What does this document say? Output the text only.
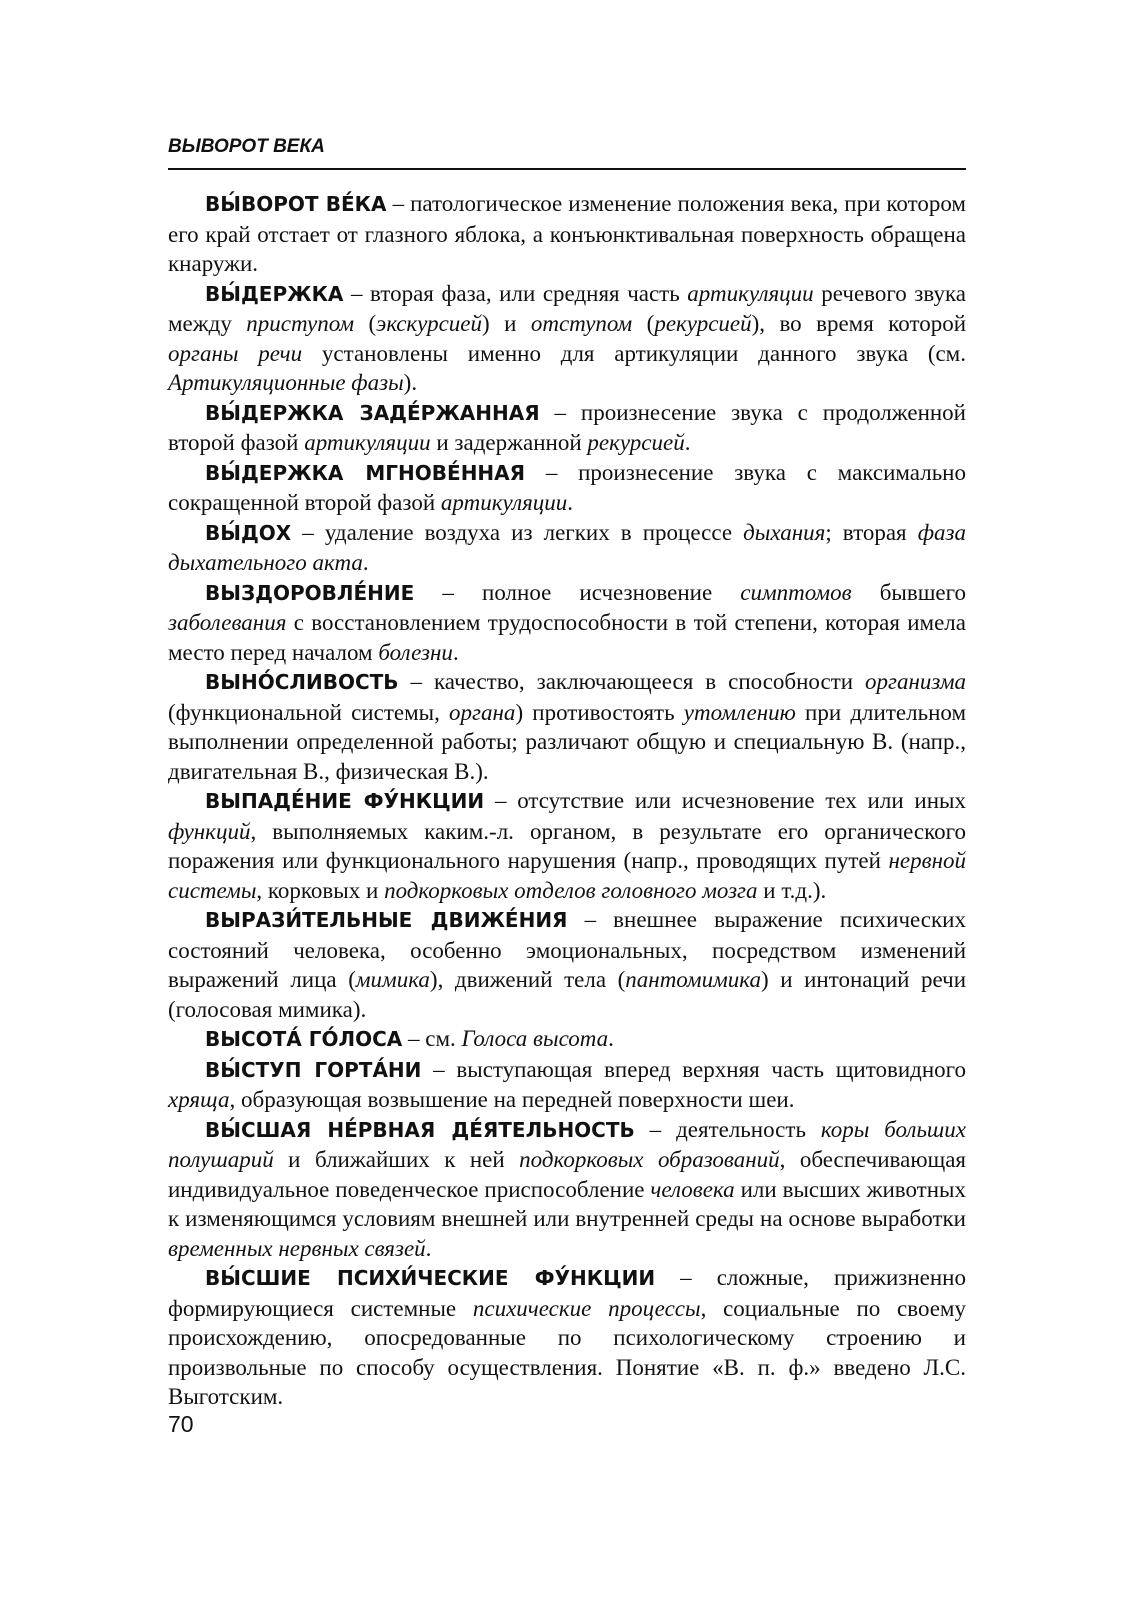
ВЫВОРОТ ВЕКА

ВЫ́ВОРОТ ВЕ́КА – патологическое изменение положения века, при котором его край отстает от глазного яблока, а конъюнктивальная поверхность обращена кнаружи.

ВЫ́ДЕРЖКА – вторая фаза, или средняя часть артикуляции речевого звука между приступом (экскурсией) и отступом (рекурсией), во время которой органы речи установлены именно для артикуляции данного звука (см. Артикуляционные фазы).

ВЫ́ДЕРЖКА ЗАДЕ́РЖАННАЯ – произнесение звука с продолженной второй фазой артикуляции и задержанной рекурсией.

ВЫ́ДЕРЖКА МГНОВЕ́ННАЯ – произнесение звука с максимально сокращенной второй фазой артикуляции.

ВЫ́ДОХ – удаление воздуха из легких в процессе дыхания; вторая фаза дыхательного акта.

ВЫЗДОРОВЛЕ́НИЕ – полное исчезновение симптомов бывшего заболевания с восстановлением трудоспособности в той степени, которая имела место перед началом болезни.

ВЫНО́СЛИВОСТЬ – качество, заключающееся в способности организма (функциональной системы, органа) противостоять утомлению при длительном выполнении определенной работы; различают общую и специальную В. (напр., двигательная В., физическая В.).

ВЫПАДЕ́НИЕ ФУ́НКЦИИ – отсутствие или исчезновение тех или иных функций, выполняемых каким.-л. органом, в результате его органического поражения или функционального нарушения (напр., проводящих путей нервной системы, корковых и подкорковых отделов головного мозга и т.д.).

ВЫРАЗИ́ТЕЛЬНЫЕ ДВИЖЕ́НИЯ – внешнее выражение психических состояний человека, особенно эмоциональных, посредством изменений выражений лица (мимика), движений тела (пантомимика) и интонаций речи (голосовая мимика).

ВЫСОТА́ ГО́ЛОСА – см. Голоса высота.

ВЫ́СТУП ГОРТА́НИ – выступающая вперед верхняя часть щитовидного хряща, образующая возвышение на передней поверхности шеи.

ВЫ́СШАЯ НЕ́РВНАЯ ДЕ́ЯТЕЛЬНОСТЬ – деятельность коры больших полушарий и ближайших к ней подкорковых образований, обеспечивающая индивидуальное поведенческое приспособление человека или высших животных к изменяющимся условиям внешней или внутренней среды на основе выработки временных нервных связей.

ВЫ́СШИЕ ПСИХИ́ЧЕСКИЕ ФУ́НКЦИИ – сложные, прижизненно формирующиеся системные психические процессы, социальные по своему происхождению, опосредованные по психологическому строению и произвольные по способу осуществления. Понятие «В. п. ф.» введено Л.С. Выготским.

70
